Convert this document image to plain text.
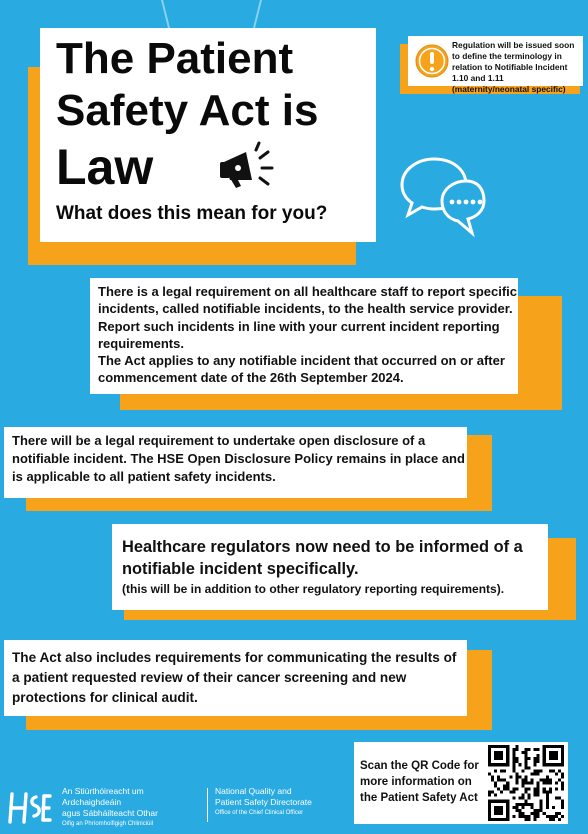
The Patient
Safety Act is
Law
What does this mean for you?
Regulation will be issued soon to define the terminology in relation to Notifiable Incident 1.10 and 1.11 (maternity/neonatal specific)
There is a legal requirement on all healthcare staff to report specific incidents, called notifiable incidents, to the health service provider. Report such incidents in line with your current incident reporting requirements.
The Act applies to any notifiable incident that occurred on or after commencement date of the 26th September 2024.
There will be a legal requirement to undertake open disclosure of a notifiable incident. The HSE Open Disclosure Policy remains in place and is applicable to all patient safety incidents.
Healthcare regulators now need to be informed of a notifiable incident specifically.
(this will be in addition to other regulatory reporting requirements).
The Act also includes requirements for communicating the results of a patient requested review of their cancer screening and new protections for clinical audit.
Scan the QR Code for more information on the Patient Safety Act
An Stiúrthóireacht um Ardchaighdeáin
agus Sábháilteacht Othar
Oifig an Phríomhoifigigh Chliniciúil
National Quality and
Patient Safety Directorate
Office of the Chief Clinical Officer
